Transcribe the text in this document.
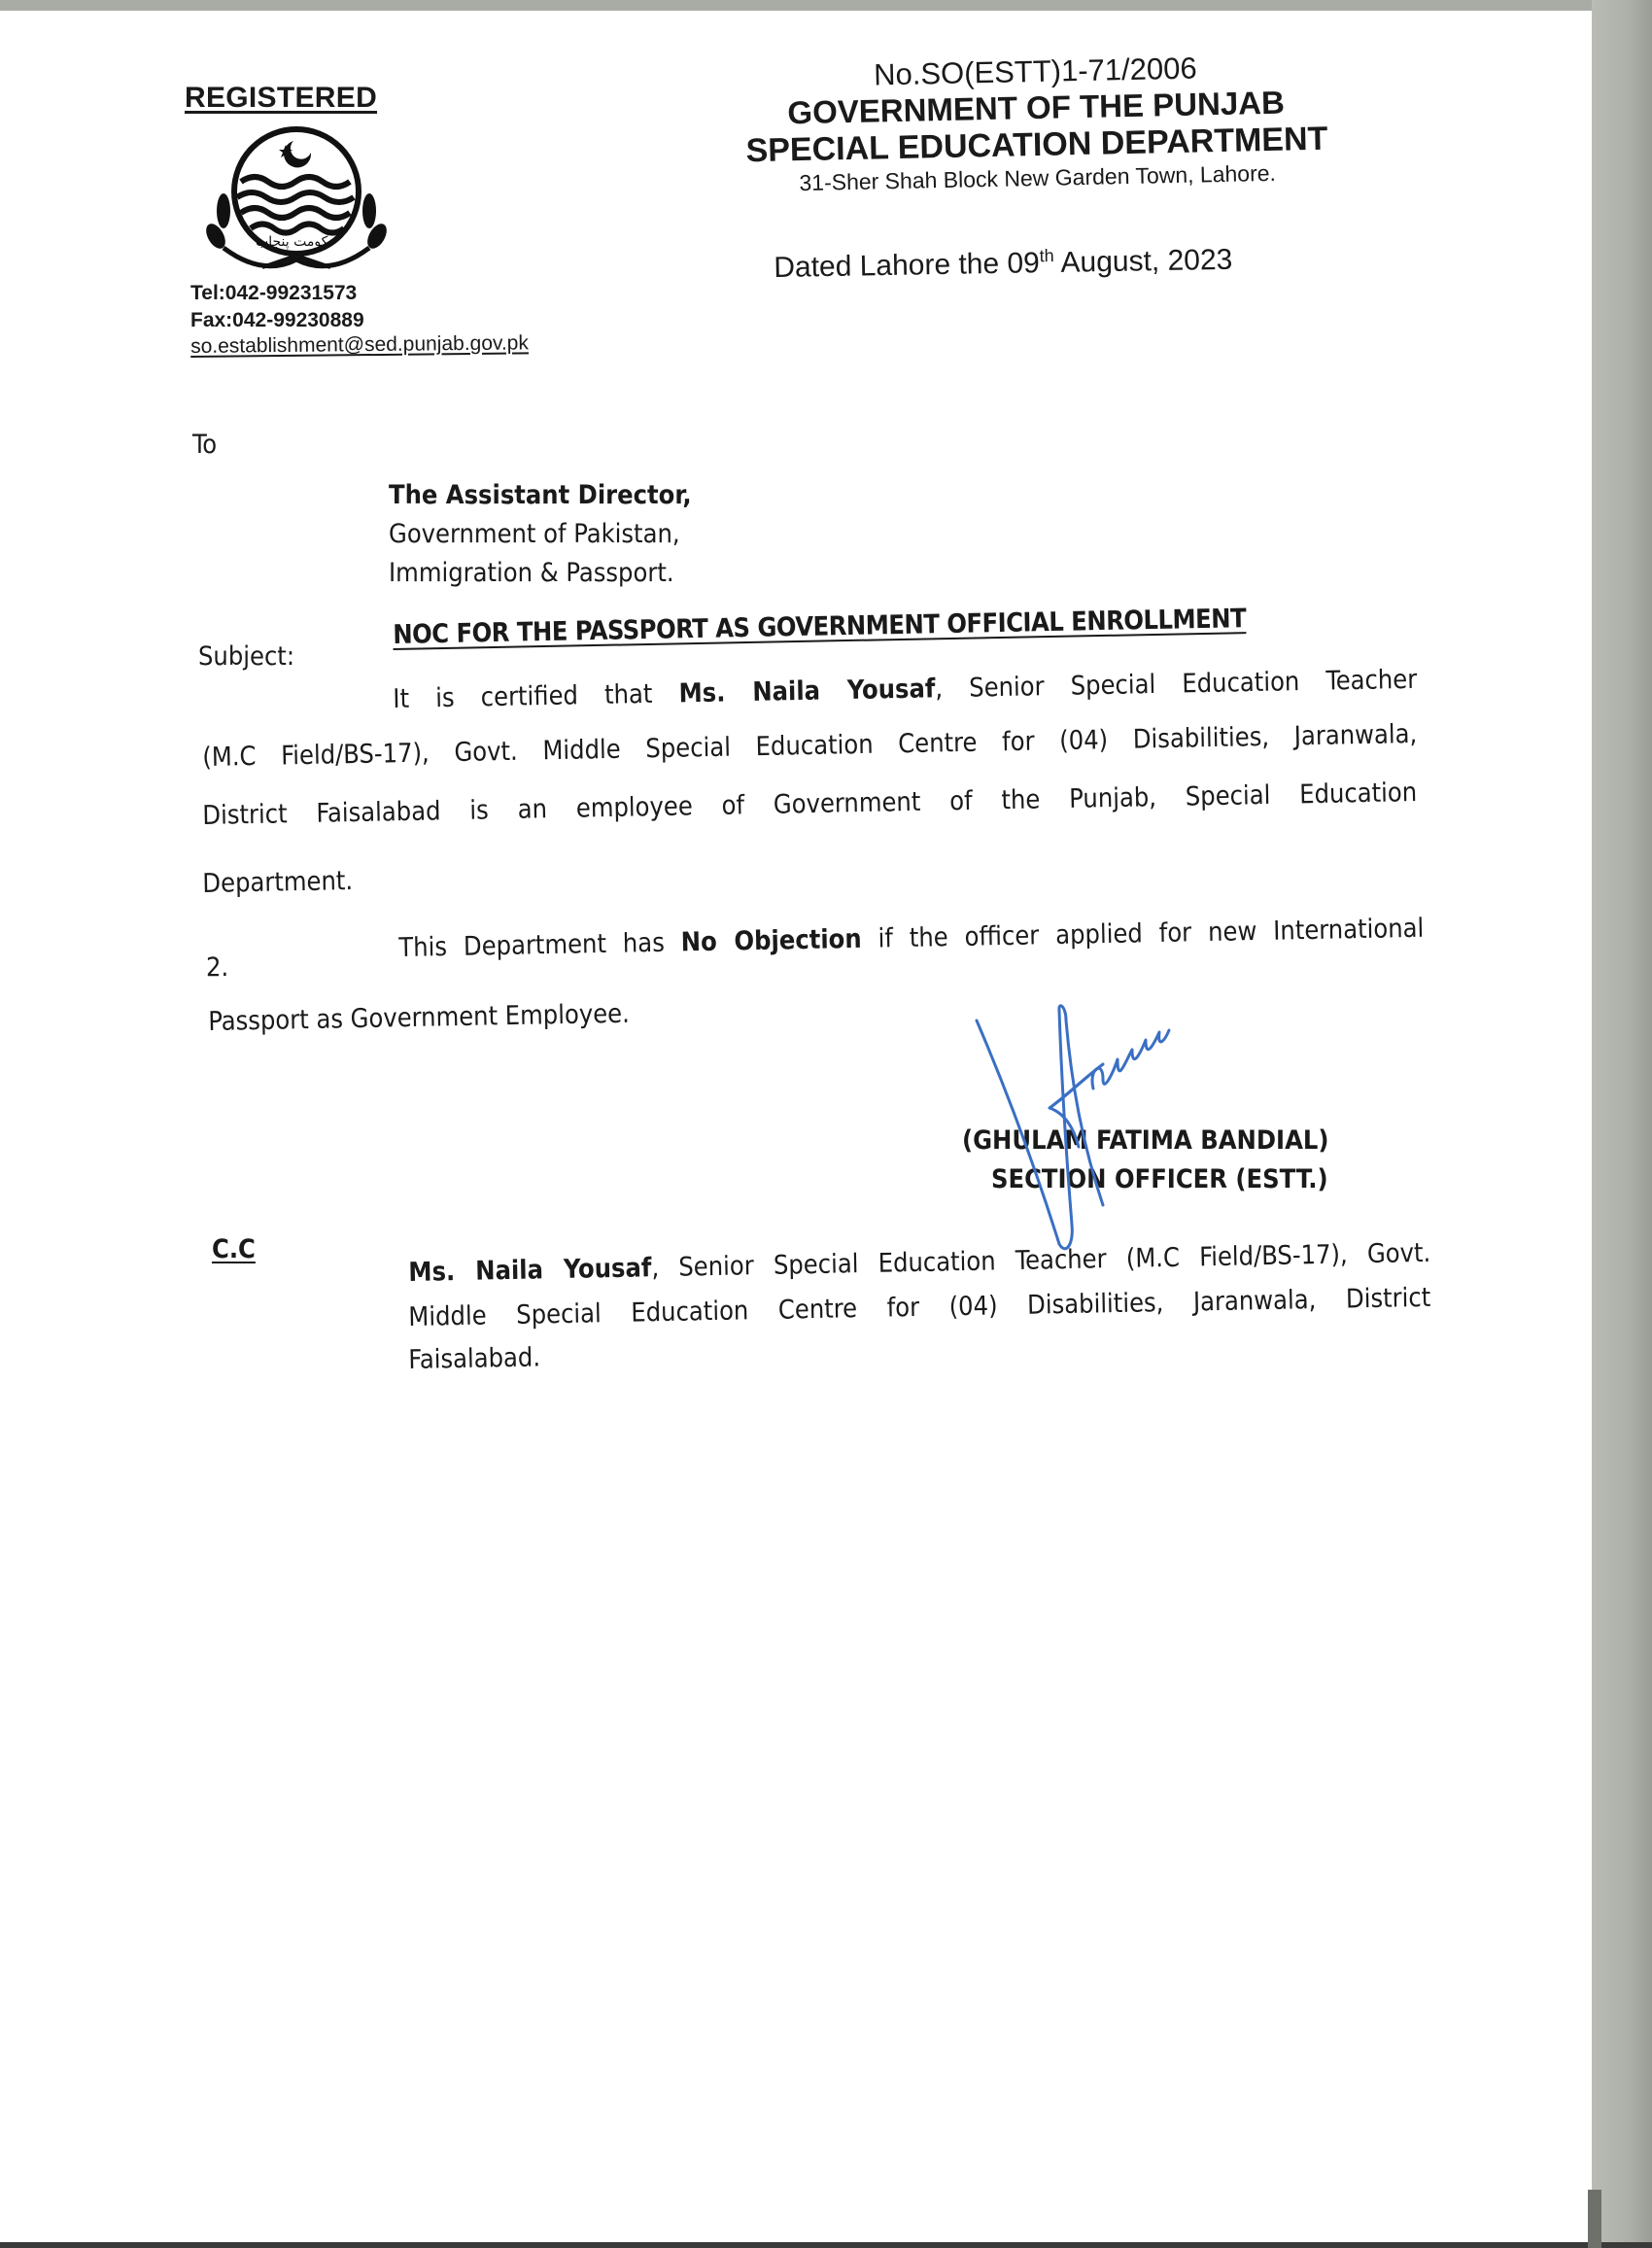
REGISTERED
حکومت پنجاب
Tel:042-99231573
Fax:042-99230889
so.establishment@sed.punjab.gov.pk
No.SO(ESTT)1-71/2006
GOVERNMENT OF THE PUNJAB
SPECIAL EDUCATION DEPARTMENT
31-Sher Shah Block New Garden Town, Lahore.
Dated Lahore the 09th August, 2023
To
The Assistant Director,
Government of Pakistan,
Immigration & Passport.
Subject:
NOC FOR THE PASSPORT AS GOVERNMENT OFFICIAL ENROLLMENT
It is certified that Ms. Naila Yousaf, Senior Special Education Teacher
(M.C Field/BS-17), Govt. Middle Special Education Centre for (04) Disabilities, Jaranwala,
District Faisalabad is an employee of Government of the Punjab, Special Education
Department.
2.
This Department has No Objection if the officer applied for new International
Passport as Government Employee.
(GHULAM FATIMA BANDIAL)
SECTION OFFICER (ESTT.)
C.C
Ms. Naila Yousaf, Senior Special Education Teacher (M.C Field/BS-17), Govt.
Middle Special Education Centre for (04) Disabilities, Jaranwala, District
Faisalabad.
